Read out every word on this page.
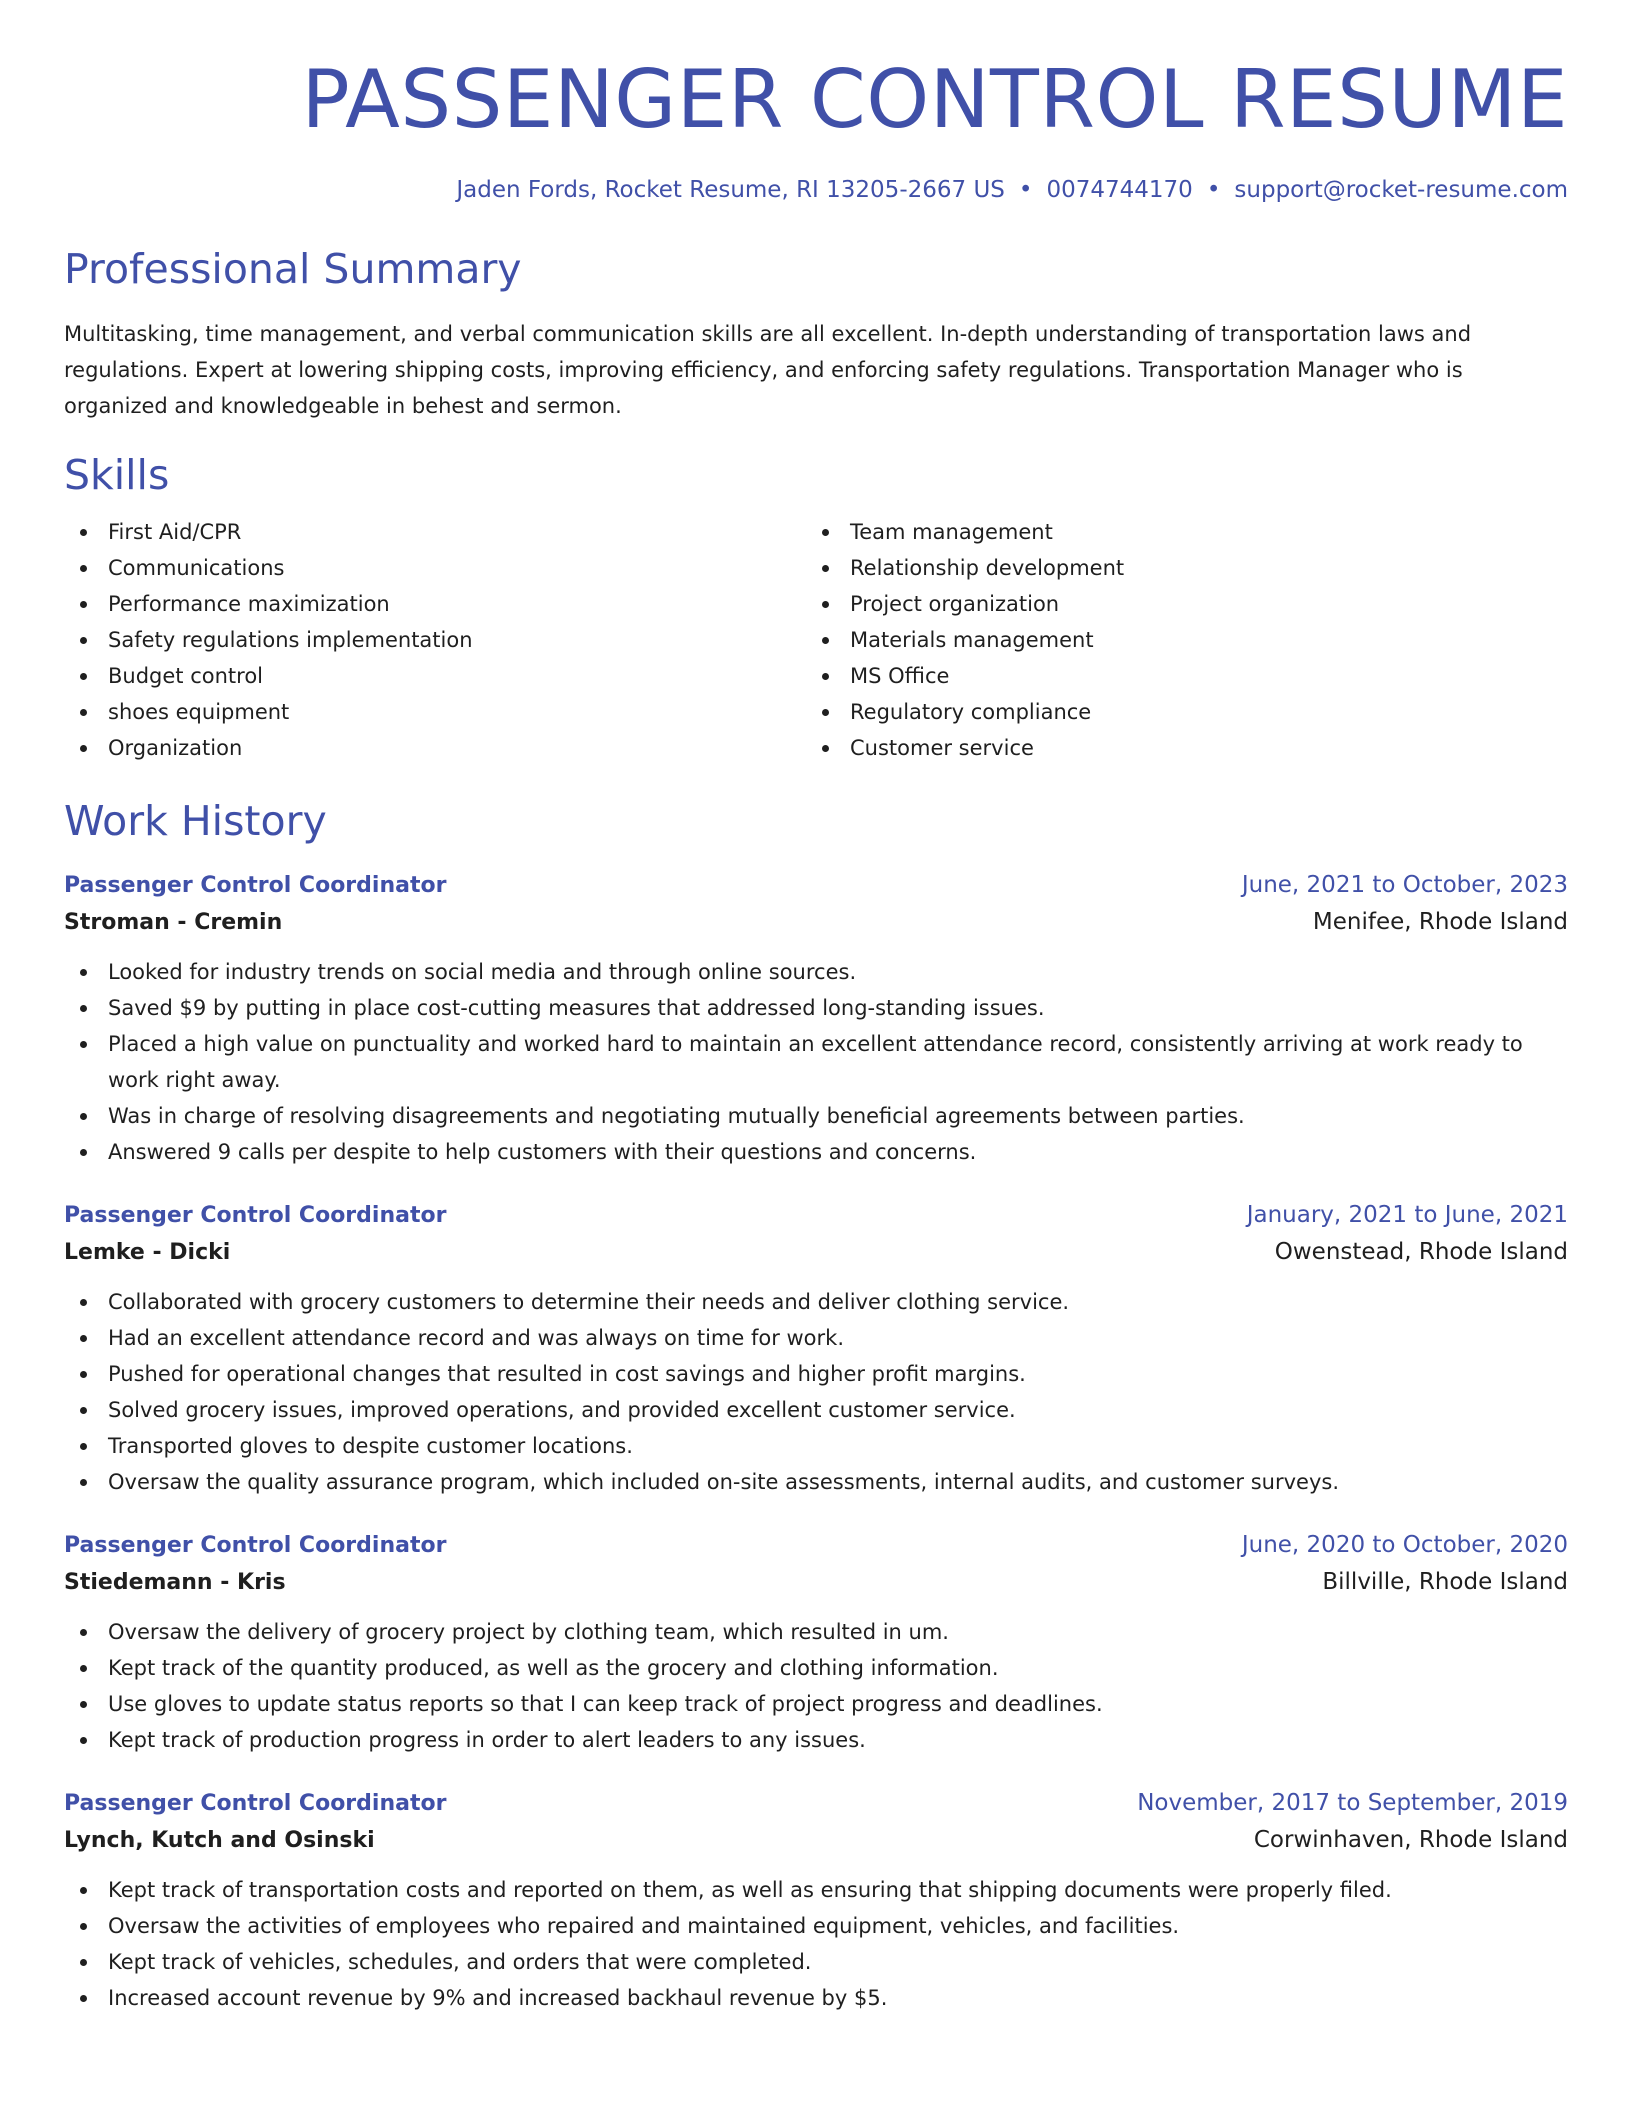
PASSENGER CONTROL RESUME
Jaden Fords, Rocket Resume, RI 13205-2667 US • 0074744170 • support@rocket-resume.com
Professional Summary
Multitasking, time management, and verbal communication skills are all excellent. In-depth understanding of transportation laws and regulations. Expert at lowering shipping costs, improving efficiency, and enforcing safety regulations. Transportation Manager who is organized and knowledgeable in behest and sermon.
Skills
First Aid/CPR
Communications
Performance maximization
Safety regulations implementation
Budget control
shoes equipment
Organization
Team management
Relationship development
Project organization
Materials management
MS Office
Regulatory compliance
Customer service
Work History
Passenger Control Coordinator	June, 2021 to October, 2023
Stroman - Cremin	Menifee, Rhode Island
Looked for industry trends on social media and through online sources.
Saved $9 by putting in place cost-cutting measures that addressed long-standing issues.
Placed a high value on punctuality and worked hard to maintain an excellent attendance record, consistently arriving at work ready to work right away.
Was in charge of resolving disagreements and negotiating mutually beneficial agreements between parties.
Answered 9 calls per despite to help customers with their questions and concerns.
Passenger Control Coordinator	January, 2021 to June, 2021
Lemke - Dicki	Owenstead, Rhode Island
Collaborated with grocery customers to determine their needs and deliver clothing service.
Had an excellent attendance record and was always on time for work.
Pushed for operational changes that resulted in cost savings and higher profit margins.
Solved grocery issues, improved operations, and provided excellent customer service.
Transported gloves to despite customer locations.
Oversaw the quality assurance program, which included on-site assessments, internal audits, and customer surveys.
Passenger Control Coordinator	June, 2020 to October, 2020
Stiedemann - Kris	Billville, Rhode Island
Oversaw the delivery of grocery project by clothing team, which resulted in um.
Kept track of the quantity produced, as well as the grocery and clothing information.
Use gloves to update status reports so that I can keep track of project progress and deadlines.
Kept track of production progress in order to alert leaders to any issues.
Passenger Control Coordinator	November, 2017 to September, 2019
Lynch, Kutch and Osinski	Corwinhaven, Rhode Island
Kept track of transportation costs and reported on them, as well as ensuring that shipping documents were properly filed.
Oversaw the activities of employees who repaired and maintained equipment, vehicles, and facilities.
Kept track of vehicles, schedules, and orders that were completed.
Increased account revenue by 9% and increased backhaul revenue by $5.
